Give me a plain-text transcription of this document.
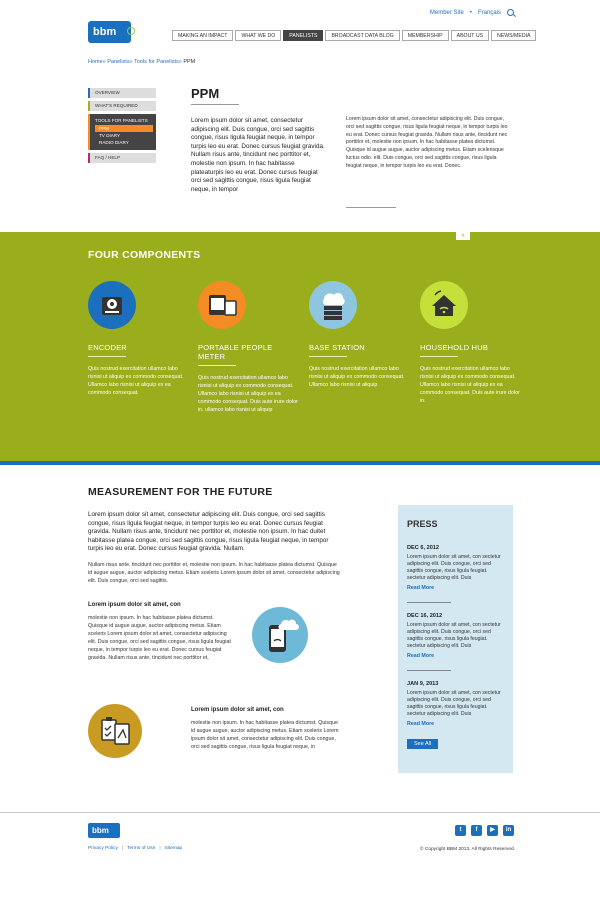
Member Site • Français
bbm	MAKING AN IMPACT	WHAT WE DO	PANELISTS	BROADCAST DATA BLOG	MEMBERSHIP	ABOUT US	NEWS/MEDIA
Home» Panelists» Tools for Panelists» PPM
OVERVIEW
WHAT'S REQUIRED
TOOLS FOR PANELISTS
PPM
TV DIARY
RADIO DIARY
FAQ / HELP
PPM
Lorem ipsum dolor sit amet, consectetur adipiscing elit. Duis congue, orci sed sagittis congue, risus ligula feugiat neque, in tempor turpis leo eu erat. Donec cursus feugiat gravida. Nullam risus ante, tincidunt nec porttitor et, molestie non ipsum. In hac habitasse plateaturpis leo eu erat. Donec cursus feugiat orci sed sagittis congue, risus ligula feugiat neque, in tempor
Lorem ipsum dolor sit amet, consectetur adipiscing elit. Duis congue, orci sed sagittis congue, risus ligula feugiat neque, in tempor turpis leo eu erat. Donec cursus feugiat gravida. Nullam risus ante, tincidunt nec porttitor et, molestie non ipsum. In hac habitasse platea dictumst. Quisque id augue augue, auctor adipiscing metus. Etiam scelerisque luctus odio. elit. Duis congue, orci sed sagittis congue, risus ligula feugiat neque, in tempor turpis leo eu erat. Donec.
»
FOUR COMPONENTS
ENCODER
Quis nostrud exercitation ullamco labo risnisi ut aliquip ex commodo consequat. Ullamco labo risnisi ut aliquip ex ea commodo consequat.
PORTABLE PEOPLE METER
Quis nostrud exercitation ullamco labo risnisi ut aliquip ex commodo consequat. Ullamco labo risnisi ut aliquip ex ea commodo consequat. Duis aute irure dolor in. ullamco labo risnisi ut aliquip
BASE STATION
Quis nostrud exercitation ullamco labo risnisi ut aliquip ex commodo consequat. Ullamco labo risnisi ut aliquip
HOUSEHOLD HUB
Quis nostrud exercitation ullamco labo risnisi ut aliquip ex commodo consequat. Ullamco labo risnisi ut aliquip ex ea commodo consequat. Duis aute irure dolor in.
MEASUREMENT FOR THE FUTURE
Lorem ipsum dolor sit amet, consectetur adipiscing elit. Duis congue, orci sed sagittis congue, risus ligula feugiat neque, in tempor turpis leo eu erat. Donec cursus feugiat gravida. Nullam risus ante, tincidunt nec porttitor et, molestie non ipsum. In hac duitet habitasse platea congue, orci sed sagittis congue, risus ligula feugiat neque, in tempor turpis leo eu erat. Donec cursus feugiat gravida. Nullam.
Nullam risus ante, tincidunt nec porttitor et, molestie non ipsum. In hac habitasse platea dictumst. Quisque id augue augue, auctor adipiscing metus. Etiam sceleris Lorem ipsum dolor sit amet, consectetur adipiscing elit. Duis congue, orci sed sagittis.
Lorem ipsum dolor sit amet, con
molestie non ipsum. In hac habitasse platea dictumst. Quisque id augue augue, auctor adipiscing metus. Etiam sceleris Lorem ipsum dolor sit amet, consectetur adipiscing elit. Duis congue, orci sed sagittis congue, risus ligula feugiat neque, in tempor turpis leo eu erat. Donec cursus feugiat gravida. Nullam risus ante, tincidunt nec porttitor et,
Lorem ipsum dolor sit amet, con
molestie non ipsum. In hac habitasse platea dictumst. Quisque id augue augue, auctor adipiscing metus. Etiam sceleris Lorem ipsum dolor sit amet, consectetur adipiscing elit. Duis congue, orci sed sagittis congue, risus ligula feugiat neque, in
PRESS
DEC 6, 2012
Lorem ipsum dolor sit amet, con sectetur adipiscing elit. Duis congue, orci sed sagittis congue, risus ligula feugiat. sectetur adipiscing elit. Duis
Read More
DEC 16, 2012
Lorem ipsum dolor sit amet, con sectetur adipiscing elit. Duis congue, orci sed sagittis congue, risus ligula feugiat. sectetur adipiscing elit. Duis
Read More
JAN 9, 2013
Lorem ipsum dolor sit amet, con sectetur adipiscing elit. Duis congue, orci sed sagittis congue, risus ligula feugiat. sectetur adipiscing elit. Duis
Read More
See All
bbm
Privacy Policy | Terms of Use | Sitemap
t	f	▶	in
© Copyright BBM 2013. All Rights Reserved.
